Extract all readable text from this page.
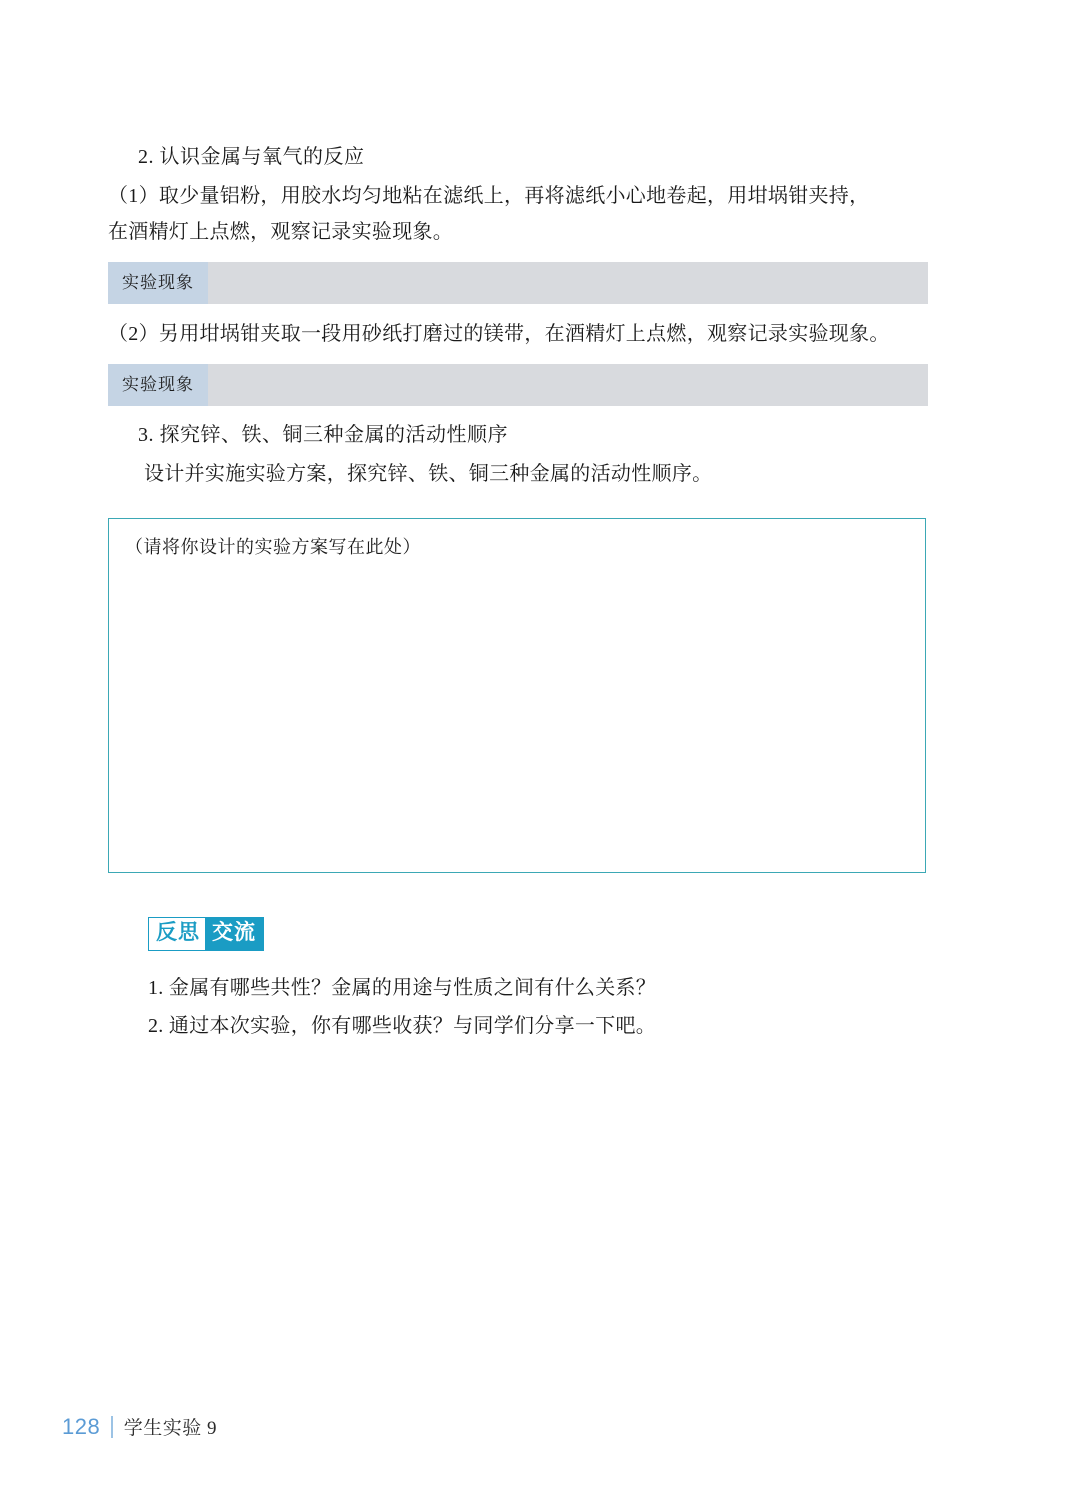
2. 认识金属与氧气的反应

（1）取少量铝粉，用胶水均匀地粘在滤纸上，再将滤纸小心地卷起，用坩埚钳夹持，
在酒精灯上点燃，观察记录实验现象。

实验现象

（2）另用坩埚钳夹取一段用砂纸打磨过的镁带，在酒精灯上点燃，观察记录实验现象。

实验现象

3. 探究锌、铁、铜三种金属的活动性顺序

设计并实施实验方案，探究锌、铁、铜三种金属的活动性顺序。

（请将你设计的实验方案写在此处）
反思 交流
1. 金属有哪些共性？金属的用途与性质之间有什么关系？
2. 通过本次实验，你有哪些收获？与同学们分享一下吧。
128 学生实验 9
